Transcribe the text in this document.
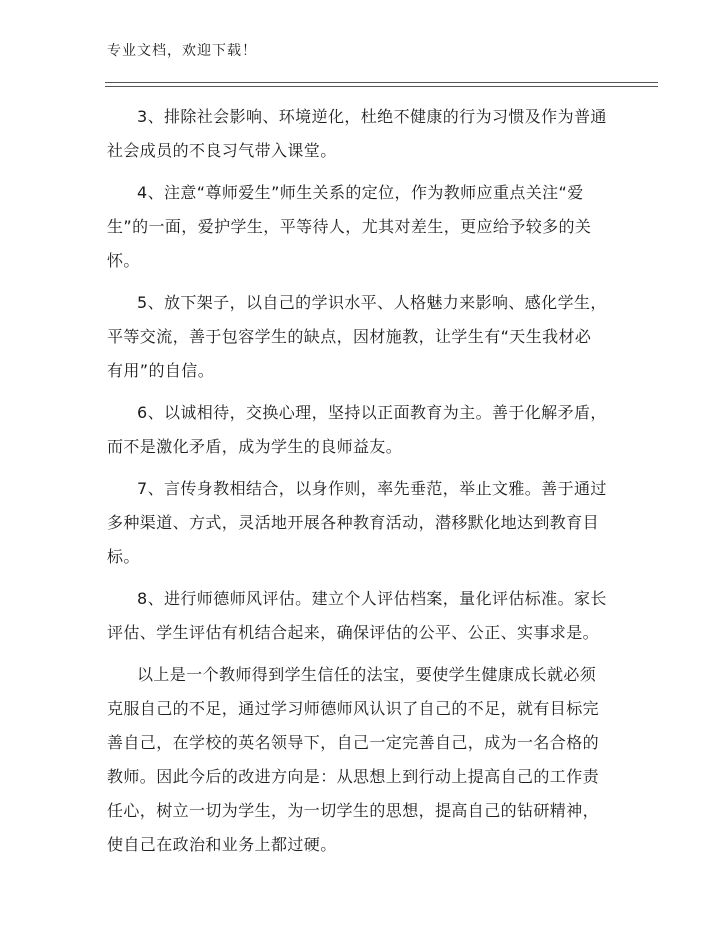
专业文档，欢迎下载！

3、排除社会影响、环境逆化，杜绝不健康的行为习惯及作为普通
社会成员的不良习气带入课堂。

4、注意“尊师爱生”师生关系的定位，作为教师应重点关注“爱
生”的一面，爱护学生，平等待人，尤其对差生，更应给予较多的关
怀。

5、放下架子，以自己的学识水平、人格魅力来影响、感化学生，
平等交流，善于包容学生的缺点，因材施教，让学生有“天生我材必
有用”的自信。

6、以诚相待，交换心理，坚持以正面教育为主。善于化解矛盾，
而不是激化矛盾，成为学生的良师益友。

7、言传身教相结合，以身作则，率先垂范，举止文雅。善于通过
多种渠道、方式，灵活地开展各种教育活动，潜移默化地达到教育目
标。

8、进行师德师风评估。建立个人评估档案，量化评估标准。家长
评估、学生评估有机结合起来，确保评估的公平、公正、实事求是。

以上是一个教师得到学生信任的法宝，要使学生健康成长就必须
克服自己的不足，通过学习师德师风认识了自己的不足，就有目标完
善自己，在学校的英名领导下，自己一定完善自己，成为一名合格的
教师。因此今后的改进方向是：从思想上到行动上提高自己的工作责
任心，树立一切为学生，为一切学生的思想，提高自己的钻研精神，
使自己在政治和业务上都过硬。
